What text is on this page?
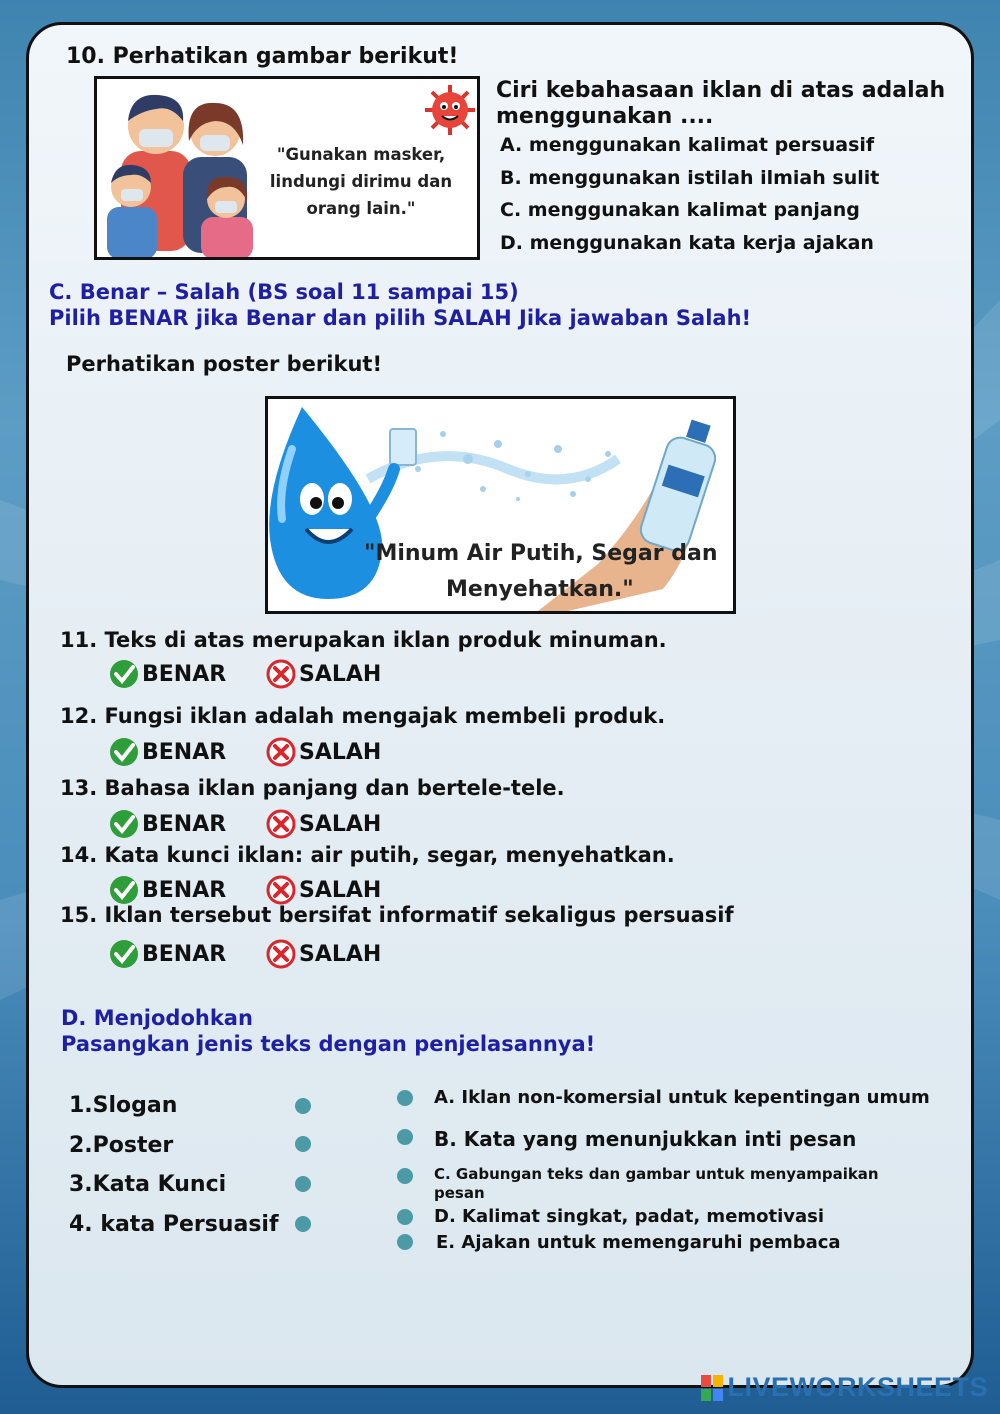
10. Perhatikan gambar berikut!
"Gunakan masker, lindungi dirimu dan orang lain."
Ciri kebahasaan iklan di atas adalah
menggunakan ....
A. menggunakan kalimat persuasif
B. menggunakan istilah ilmiah sulit
C. menggunakan kalimat panjang
D. menggunakan kata kerja ajakan
C. Benar – Salah (BS soal 11 sampai 15)
Pilih BENAR jika Benar dan pilih SALAH Jika jawaban Salah!
Perhatikan poster berikut!
"Minum Air Putih, Segar dan
Menyehatkan."
11. Teks di atas merupakan iklan produk minuman.
BENAR	SALAH
12. Fungsi iklan adalah mengajak membeli produk.
BENAR	SALAH
13. Bahasa iklan panjang dan bertele-tele.
BENAR	SALAH
14. Kata kunci iklan: air putih, segar, menyehatkan.
BENAR	SALAH
15. Iklan tersebut bersifat informatif sekaligus persuasif
BENAR	SALAH
D. Menjodohkan
Pasangkan jenis teks dengan penjelasannya!
1.Slogan
2.Poster
3.Kata Kunci
4. kata Persuasif
A. Iklan non-komersial untuk kepentingan umum
B. Kata yang menunjukkan inti pesan
C. Gabungan teks dan gambar untuk menyampaikan
pesan
D. Kalimat singkat, padat, memotivasi
E. Ajakan untuk memengaruhi pembaca
LIVEWORKSHEETS
